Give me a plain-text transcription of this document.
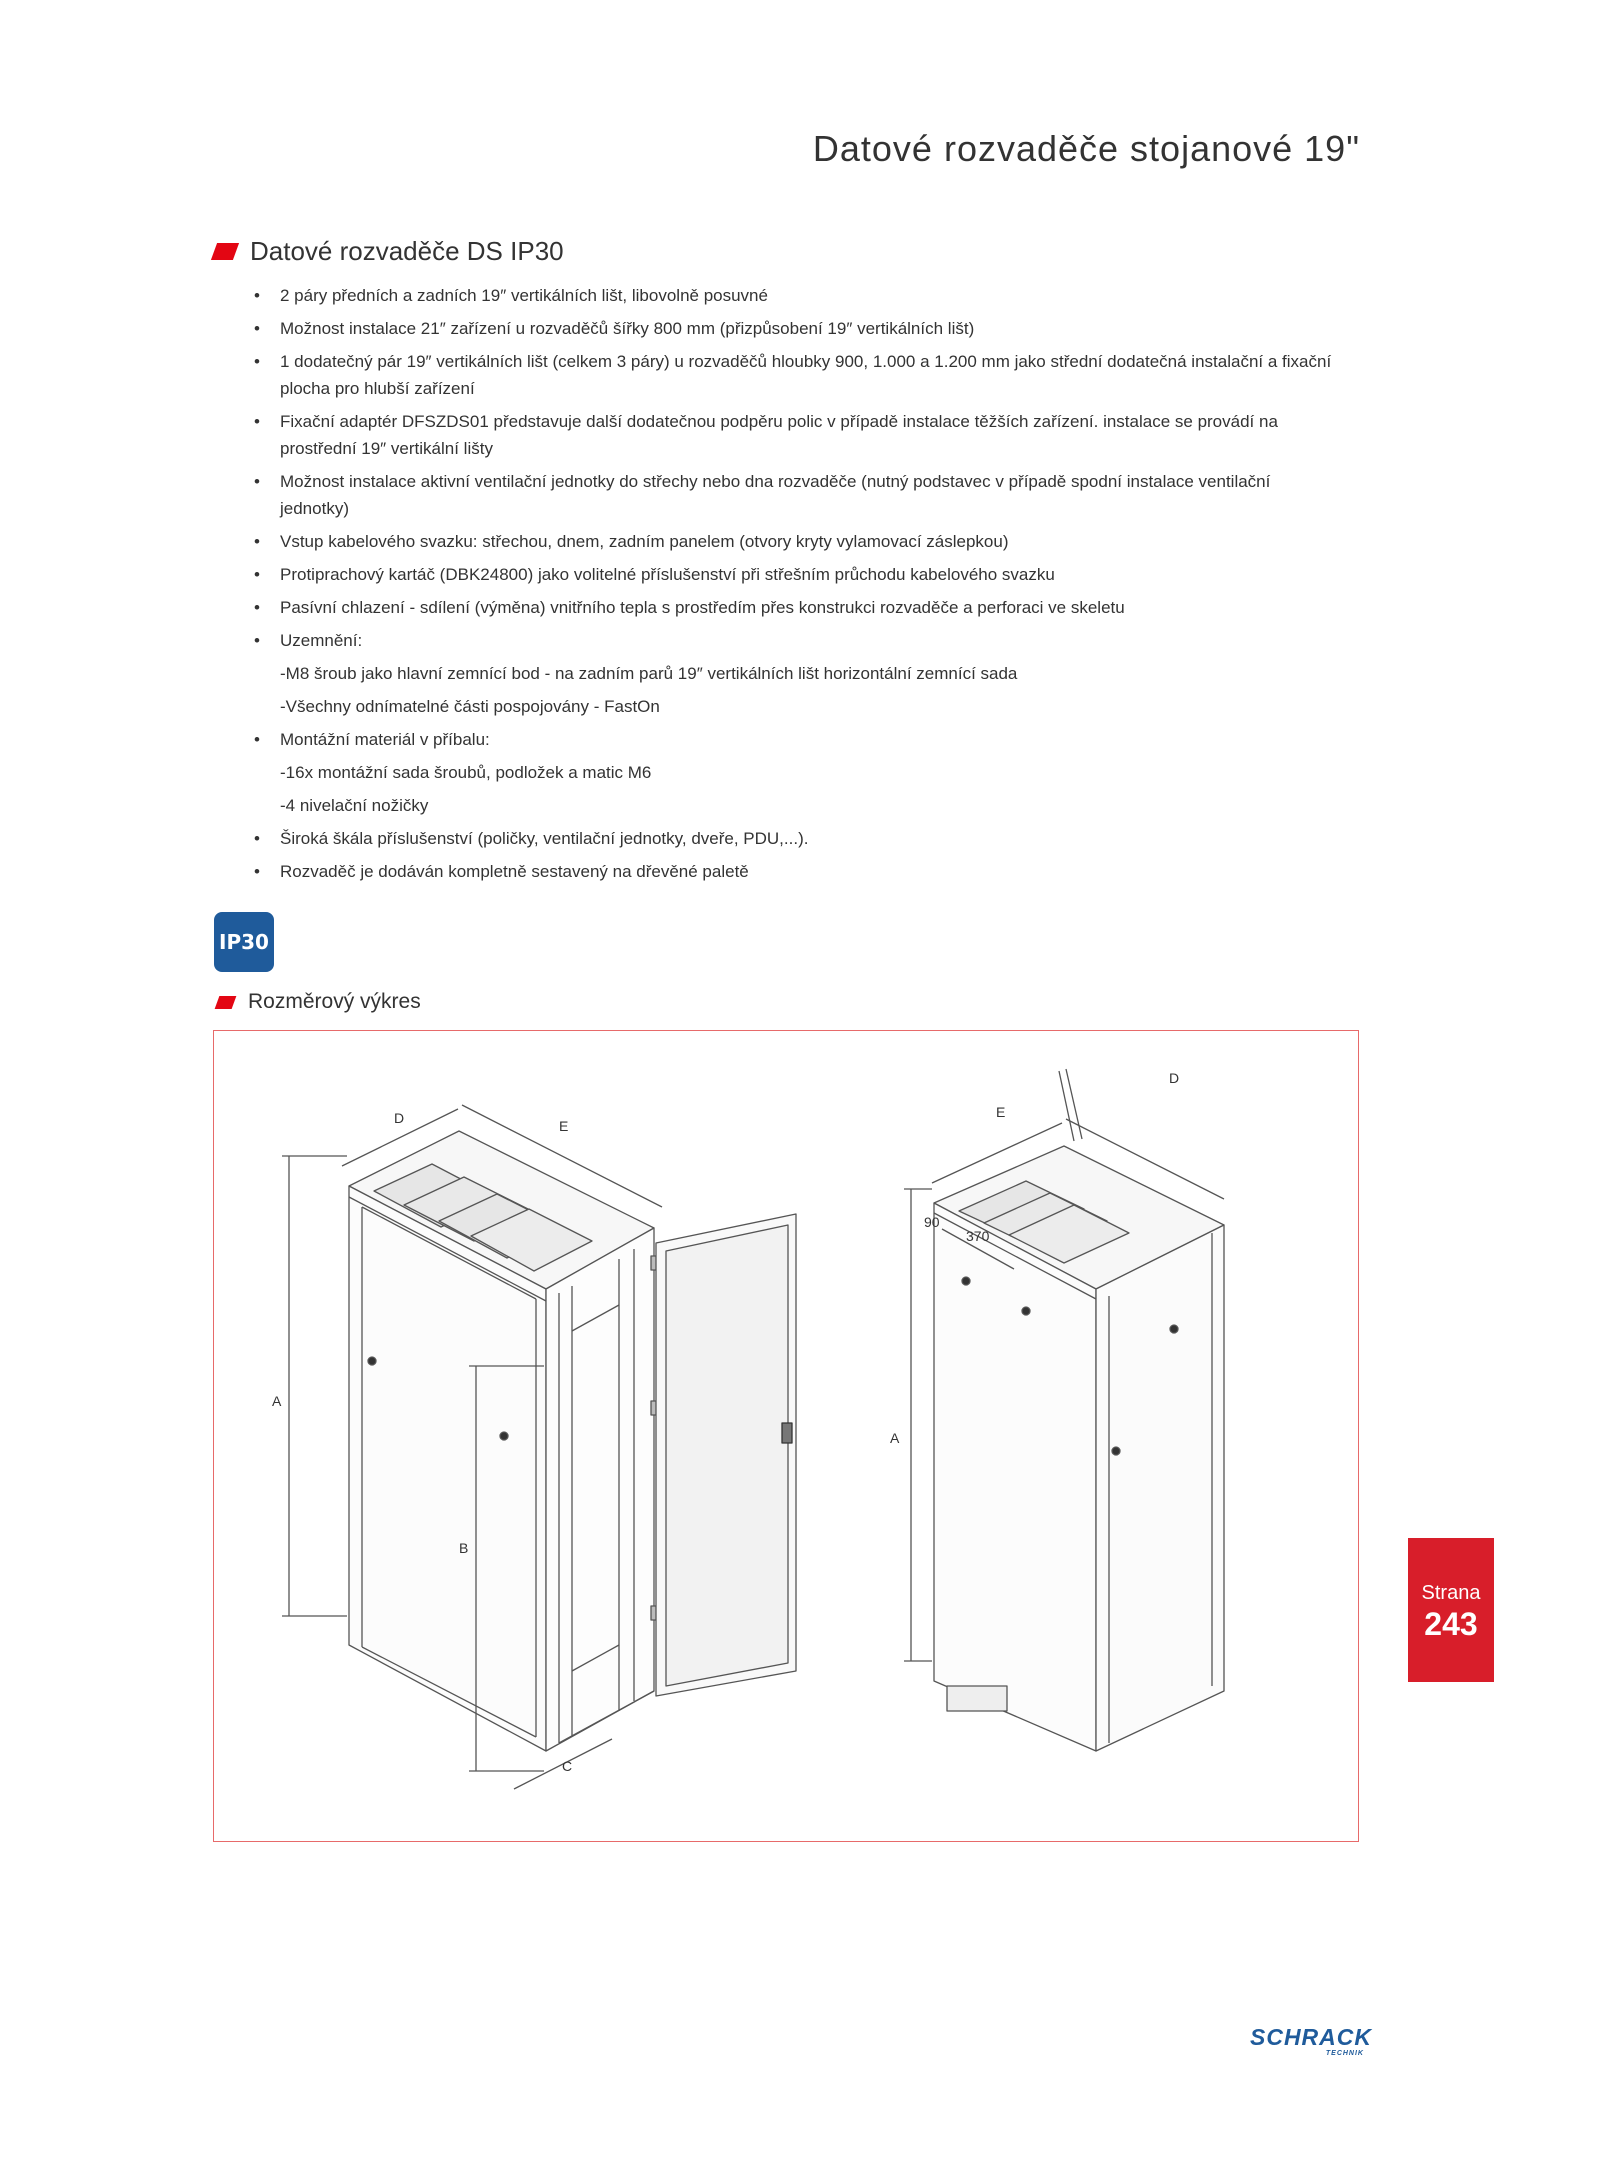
Datové rozvaděče stojanové 19"
Datové rozvaděče DS IP30
• 2 páry předních a zadních 19″ vertikálních lišt, libovolně posuvné
• Možnost instalace 21″ zařízení u rozvaděčů šířky 800 mm (přizpůsobení 19″ vertikálních lišt)
• 1 dodatečný pár 19″ vertikálních lišt (celkem 3 páry) u rozvaděčů hloubky 900, 1.000 a 1.200 mm jako střední dodatečná instalační a fixační plocha pro hlubší zařízení
• Fixační adaptér DFSZDS01 představuje další dodatečnou podpěru polic v případě instalace těžších zařízení. instalace se provádí na prostřední 19″ vertikální lišty
• Možnost instalace aktivní ventilační jednotky do střechy nebo dna rozvaděče (nutný podstavec v případě spodní instalace ventilační jednotky)
• Vstup kabelového svazku: střechou, dnem, zadním panelem (otvory kryty vylamovací záslepkou)
• Protiprachový kartáč (DBK24800) jako volitelné příslušenství při střešním průchodu kabelového svazku
• Pasívní chlazení - sdílení (výměna) vnitřního tepla s prostředím přes konstrukci rozvaděče a perforaci ve skeletu
• Uzemnění:
-M8 šroub jako hlavní zemnící bod - na zadním parů 19″ vertikálních lišt horizontální zemnící sada
-Všechny odnímatelné části pospojovány - FastOn
• Montážní materiál v příbalu:
-16x montážní sada šroubů, podložek a matic M6
-4 nivelační nožičky
• Široká škála příslušenství (poličky, ventilační jednotky, dveře, PDU,...).
• Rozvaděč je dodáván kompletně sestavený na dřevěné paletě
IP30
Rozměrový výkres
A
B
C
D	E
E
D
A
90
370
Strana
243
SCHRACK
TECHNIK
